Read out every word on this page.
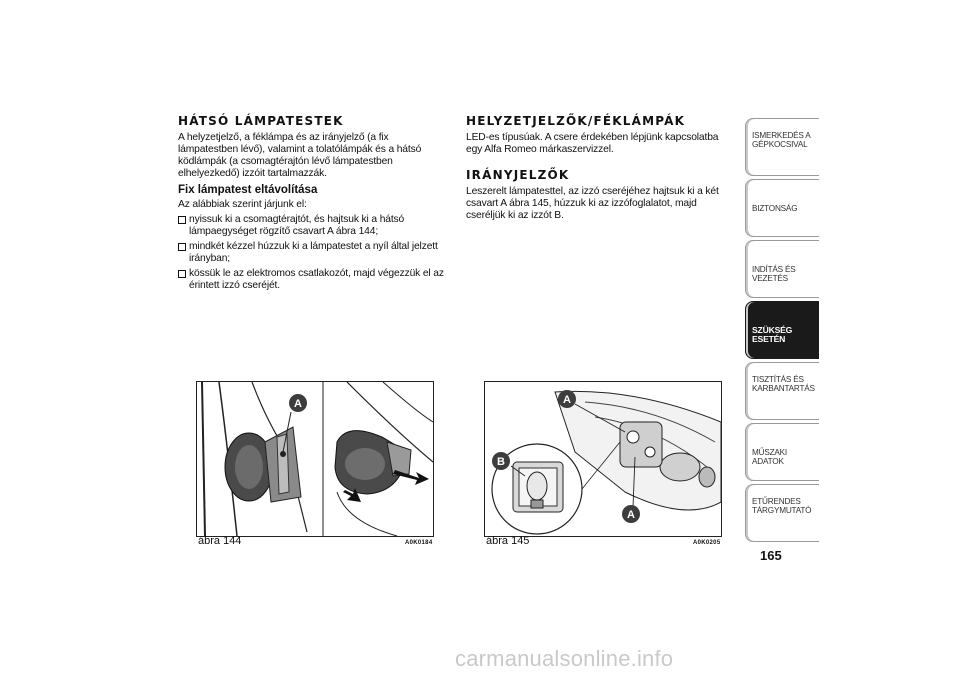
HÁTSÓ LÁMPATESTEK

A helyzetjelző, a féklámpa és az irányjelző (a fix lámpatestben lévő), valamint a tolatólámpák és a hátsó ködlámpák (a csomagtérajtón lévő lámpatestben elhelyezkedő) izzóit tartalmazzák.

Fix lámpatest eltávolítása

Az alábbiak szerint járjunk el:

nyissuk ki a csomagtérajtót, és hajtsuk ki a hátsó lámpaegységet rögzítő csavart A ábra 144;
mindkét kézzel húzzuk ki a lámpatestet a nyíl által jelzett irányban;
kössük le az elektromos csatlakozót, majd végezzük el az érintett izzó cseréjét.
HELYZETJELZŐK/FÉKLÁMPÁK

LED-es típusúak. A csere érdekében lépjünk kapcsolatba egy Alfa Romeo márkaszervizzel.

IRÁNYJELZŐK

Leszerelt lámpatesttel, az izzó cseréjéhez hajtsuk ki a két csavart A ábra 145, húzzuk ki az izzófoglalatot, majd cseréljük ki az izzót B.

A
ábra 144	A0K0184
A
B
A
ábra 145	A0K0205
ISMERKEDÉS A
GÉPKOCSIVAL
BIZTONSÁG
INDÍTÁS ÉS VEZETÉS
SZÜKSÉG ESETÉN
TISZTÍTÁS ÉS
KARBANTARTÁS
MŰSZAKI ADATOK
ETŰRENDES
TÁRGYMUTATÓ
165
carmanualsonline.info
